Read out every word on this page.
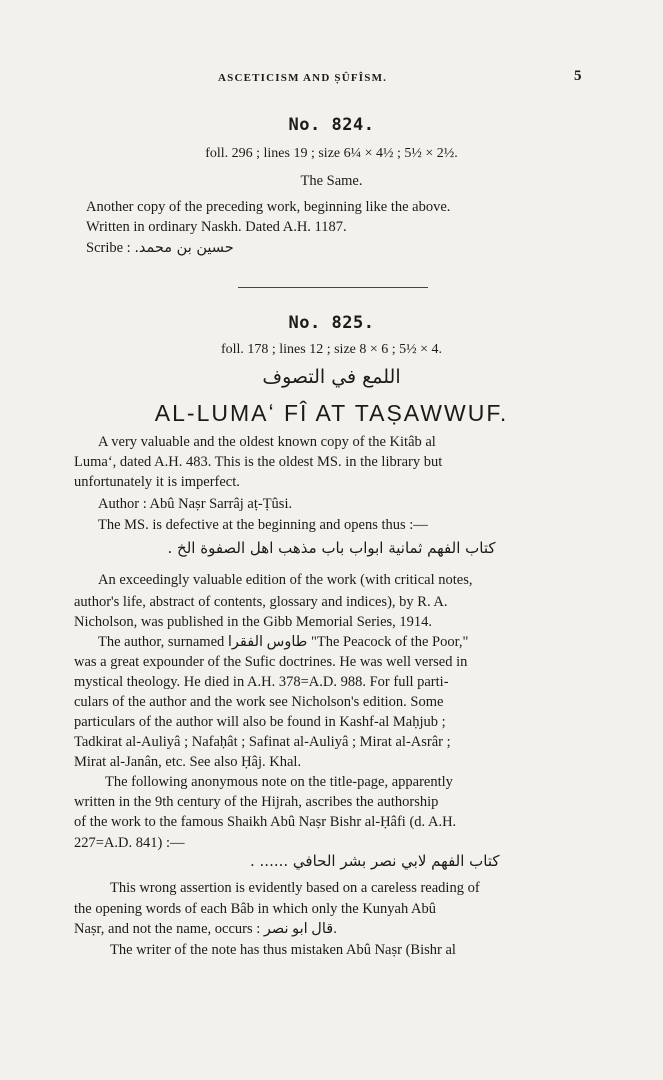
ASCETICISM AND ṢÛFÎSM.	5
No. 824.
foll. 296 ; lines 19 ; size 6¼ × 4½ ; 5½ × 2½.
The Same.
Another copy of the preceding work, beginning like the above.
Written in ordinary Naskh. Dated A.H. 1187.
Scribe : حسين بن محمد.
No. 825.
foll. 178 ; lines 12 ; size 8 × 6 ; 5½ × 4.
اللمع في التصوف
AL-LUMAʻ FÎ AT TAṢAWWUF.
A very valuable and the oldest known copy of the Kitâb al
Lumaʻ, dated A.H. 483. This is the oldest MS. in the library but
unfortunately it is imperfect.
Author : Abû Naṣr Sarrâj aṭ-Ṭûsi.
The MS. is defective at the beginning and opens thus :—
كتاب الفهم ثمانية ابواب باب مذهب اهل الصفوة الخ .
An exceedingly valuable edition of the work (with critical notes,
author's life, abstract of contents, glossary and indices), by R. A.
Nicholson, was published in the Gibb Memorial Series, 1914.
The author, surnamed طاوس الفقرا "The Peacock of the Poor,"
was a great expounder of the Sufic doctrines. He was well versed in
mystical theology. He died in A.H. 378=A.D. 988. For full parti-
culars of the author and the work see Nicholson's edition. Some
particulars of the author will also be found in Kashf-al Maḥjub ;
Tadkirat al-Auliyâ ; Nafaḥât ; Safinat al-Auliyâ ; Mirat al-Asrâr ;
Mirat al-Janân, etc. See also Ḥâj. Khal.
The following anonymous note on the title-page, apparently
written in the 9th century of the Hijrah, ascribes the authorship
of the work to the famous Shaikh Abû Naṣr Bishr al-Ḥâfi (d. A.H.
227=A.D. 841) :—
كتاب الفهم لابي نصر بشر الحافي ...... .
This wrong assertion is evidently based on a careless reading of
the opening words of each Bâb in which only the Kunyah Abû
Naṣr, and not the name, occurs : قال ابو نصر.
The writer of the note has thus mistaken Abû Naṣr (Bishr al
